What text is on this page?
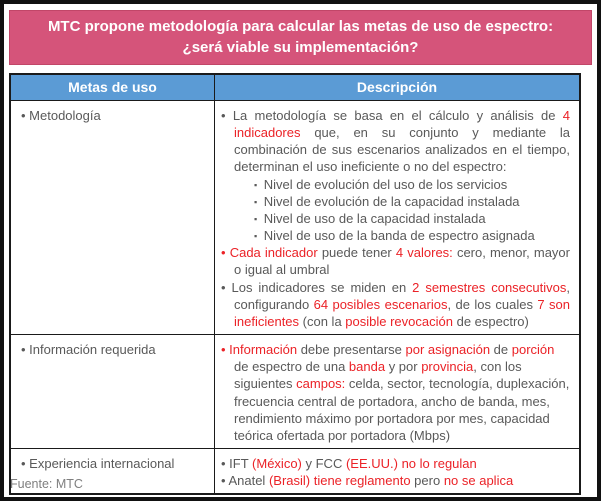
MTC propone metodología para calcular las metas de uso de espectro:
¿será viable su implementación?
Metas de uso	Descripción
• Metodología	• La metodología se basa en el cálculo y análisis de 4 indicadores que, en su conjunto y mediante la combinación de sus escenarios analizados en el tiempo, determinan el uso ineficiente o no del espectro:
▪ Nivel de evolución del uso de los servicios
▪ Nivel de evolución de la capacidad instalada
▪ Nivel de uso de la capacidad instalada
▪ Nivel de uso de la banda de espectro asignada
• Cada indicador puede tener 4 valores: cero, menor, mayor o igual al umbral
• Los indicadores se miden en 2 semestres consecutivos, configurando 64 posibles escenarios, de los cuales 7 son ineficientes (con la posible revocación de espectro)
• Información requerida	• Información debe presentarse por asignación de porción de espectro de una banda y por provincia, con los siguientes campos: celda, sector, tecnología, duplexación, frecuencia central de portadora, ancho de banda, mes, rendimiento máximo por portadora por mes, capacidad teórica ofertada por portadora (Mbps)
• Experiencia internacional	• IFT (México) y FCC (EE.UU.) no lo regulan
• Anatel (Brasil) tiene reglamento pero no se aplica
Fuente: MTC
